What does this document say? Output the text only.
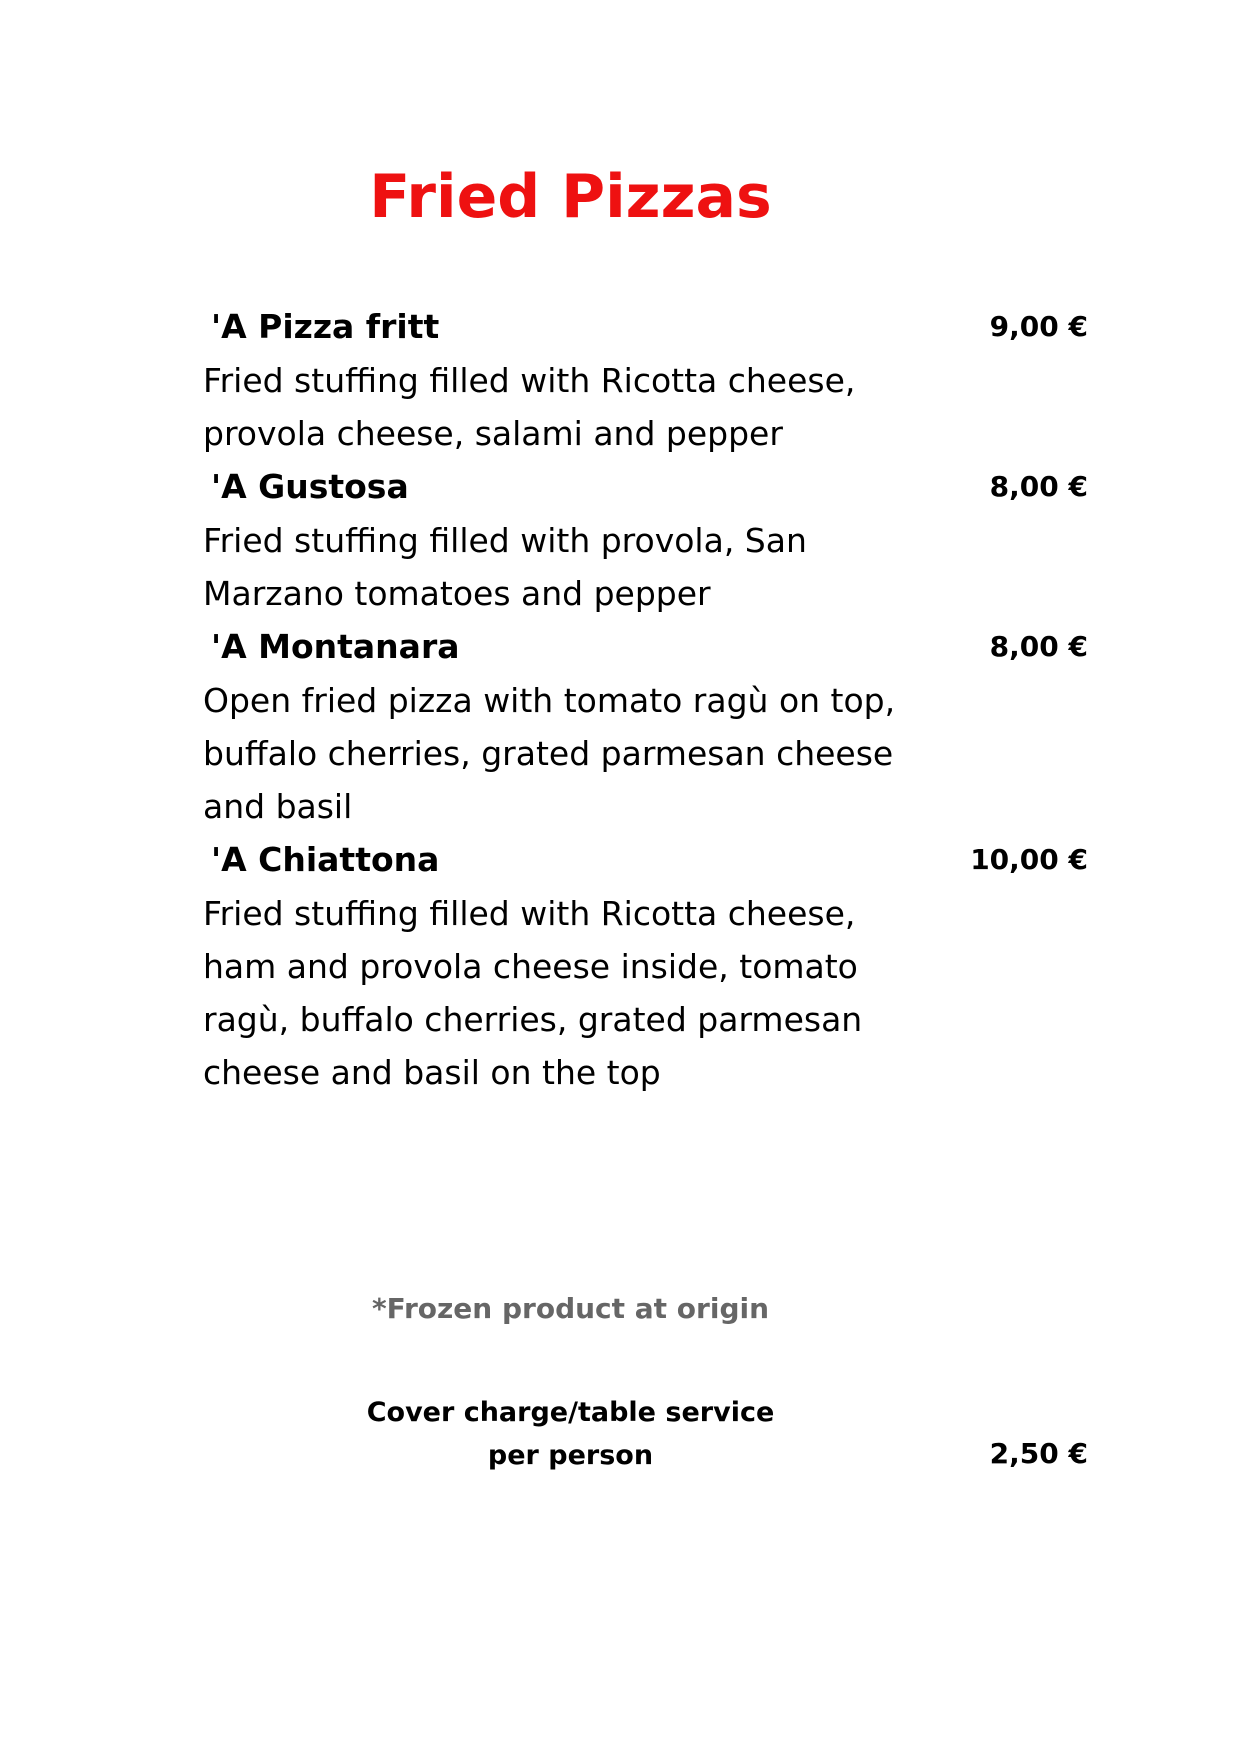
Fried Pizzas
'A Pizza fritt	9,00 €
Fried stuffing filled with Ricotta cheese, provola cheese, salami and pepper
'A Gustosa	8,00 €
Fried stuffing filled with provola, San Marzano tomatoes and pepper
'A Montanara	8,00 €
Open fried pizza with tomato ragù on top, buffalo cherries, grated parmesan cheese and basil
'A Chiattona	10,00 €
Fried stuffing filled with Ricotta cheese, ham and provola cheese inside, tomato ragù, buffalo cherries, grated parmesan cheese and basil on the top
*Frozen product at origin
Cover charge/table service
per person	2,50 €
